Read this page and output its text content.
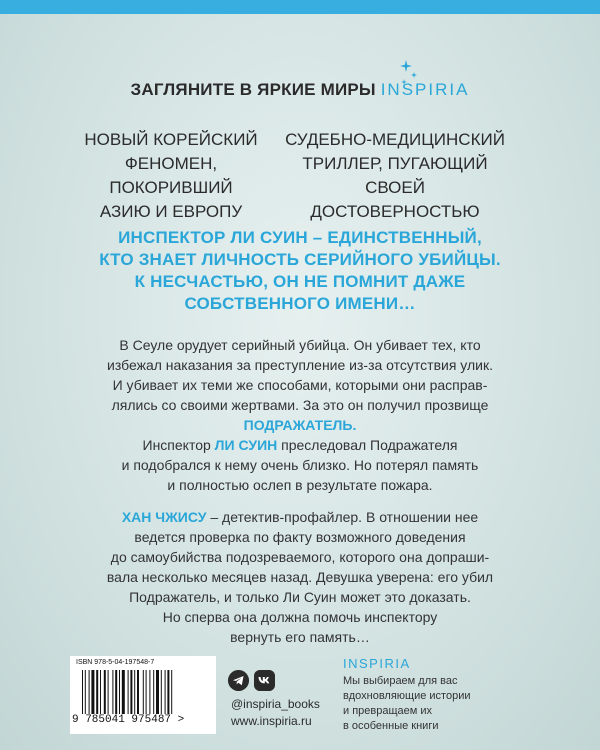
ЗАГЛЯНИТЕ В ЯРКИЕ МИРЫ INSPIRIA
НОВЫЙ КОРЕЙСКИЙ
ФЕНОМЕН, ПОКОРИВШИЙ
АЗИЮ И ЕВРОПУ
СУДЕБНО-МЕДИЦИНСКИЙ
ТРИЛЛЕР, ПУГАЮЩИЙ СВОЕЙ
ДОСТОВЕРНОСТЬЮ
ИНСПЕКТОР ЛИ СУИН – ЕДИНСТВЕННЫЙ,
КТО ЗНАЕТ ЛИЧНОСТЬ СЕРИЙНОГО УБИЙЦЫ.
К НЕСЧАСТЬЮ, ОН НЕ ПОМНИТ ДАЖЕ
СОБСТВЕННОГО ИМЕНИ…
В Сеуле орудует серийный убийца. Он убивает тех, кто
избежал наказания за преступление из-за отсутствия улик.
И убивает их теми же способами, которыми они расправ-
лялись со своими жертвами. За это он получил прозвище
ПОДРАЖАТЕЛЬ.
Инспектор ЛИ СУИН преследовал Подражателя
и подобрался к нему очень близко. Но потерял память
и полностью ослеп в результате пожара.
ХАН ЧЖИСУ – детектив-профайлер. В отношении нее
ведется проверка по факту возможного доведения
до самоубийства подозреваемого, которого она допраши-
вала несколько месяцев назад. Девушка уверена: его убил
Подражатель, и только Ли Суин может это доказать.
Но сперва она должна помочь инспектору
вернуть его память…
ISBN 978-5-04-197548-7
9 785041 975487 >
@inspiria_books
www.inspiria.ru
INSPIRIA
Мы выбираем для вас
вдохновляющие истории
и превращаем их
в особенные книги
